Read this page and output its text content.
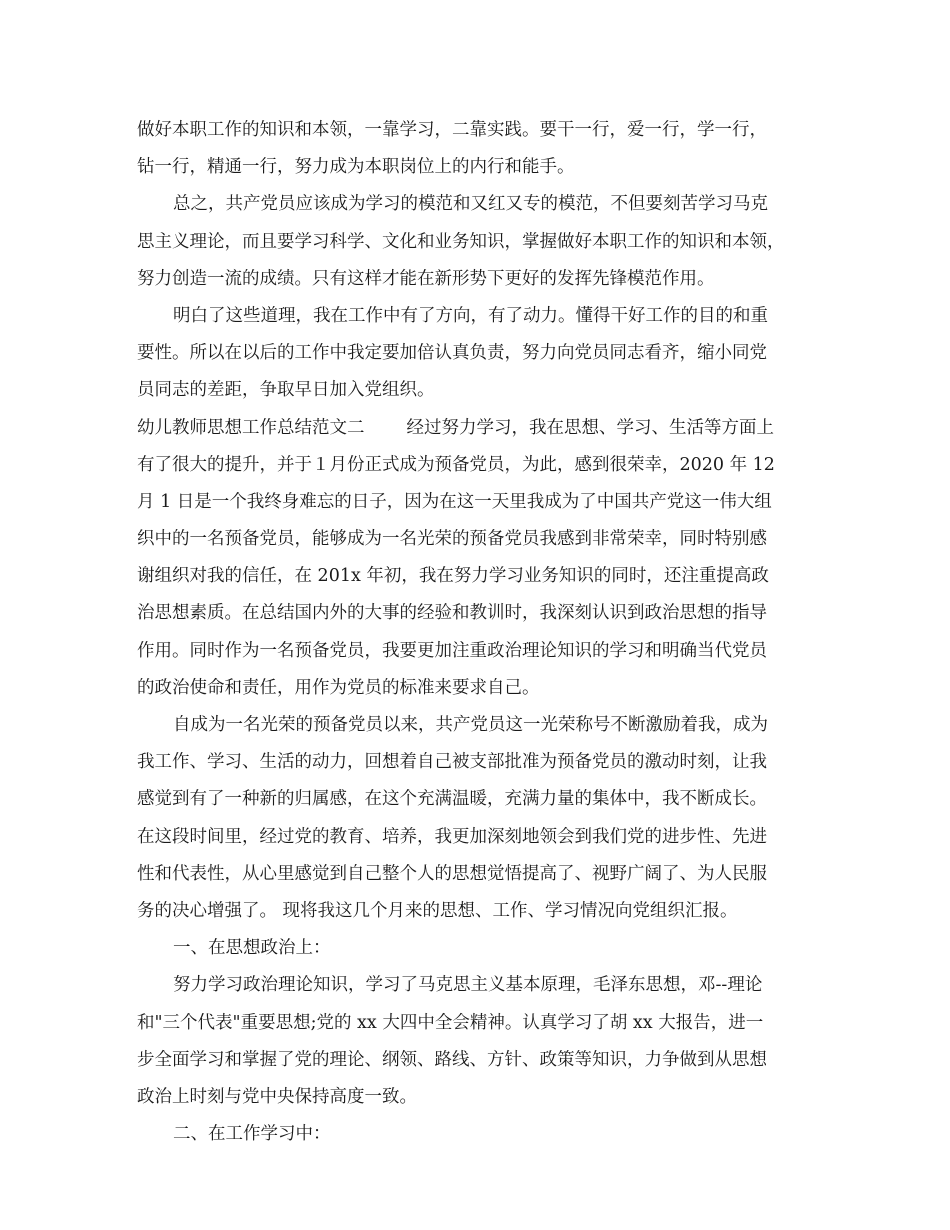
做好本职工作的知识和本领，一靠学习，二靠实践。要干一行，爱一行，学一行，
钻一行，精通一行，努力成为本职岗位上的内行和能手。
总之，共产党员应该成为学习的模范和又红又专的模范，不但要刻苦学习马克
思主义理论，而且要学习科学、文化和业务知识，掌握做好本职工作的知识和本领，
努力创造一流的成绩。只有这样才能在新形势下更好的发挥先锋模范作用。
明白了这些道理，我在工作中有了方向，有了动力。懂得干好工作的目的和重
要性。所以在以后的工作中我定要加倍认真负责，努力向党员同志看齐，缩小同党
员同志的差距，争取早日加入党组织。
幼儿教师思想工作总结范文二 经过努力学习，我在思想、学习、生活等方面上
有了很大的提升，并于１月份正式成为预备党员，为此，感到很荣幸，2020 年 12
月 1 日是一个我终身难忘的日子，因为在这一天里我成为了中国共产党这一伟大组
织中的一名预备党员，能够成为一名光荣的预备党员我感到非常荣幸，同时特别感
谢组织对我的信任，在 201x 年初，我在努力学习业务知识的同时，还注重提高政
治思想素质。在总结国内外的大事的经验和教训时，我深刻认识到政治思想的指导
作用。同时作为一名预备党员，我要更加注重政治理论知识的学习和明确当代党员
的政治使命和责任，用作为党员的标准来要求自己。
自成为一名光荣的预备党员以来，共产党员这一光荣称号不断激励着我，成为
我工作、学习、生活的动力，回想着自己被支部批准为预备党员的激动时刻，让我
感觉到有了一种新的归属感，在这个充满温暖，充满力量的集体中，我不断成长。
在这段时间里，经过党的教育、培养，我更加深刻地领会到我们党的进步性、先进
性和代表性，从心里感觉到自己整个人的思想觉悟提高了、视野广阔了、为人民服
务的决心增强了。 现将我这几个月来的思想、工作、学习情况向党组织汇报。
一、在思想政治上：
努力学习政治理论知识，学习了马克思主义基本原理，毛泽东思想，邓--理论
和"三个代表"重要思想;党的 xx 大四中全会精神。认真学习了胡 xx 大报告，进一
步全面学习和掌握了党的理论、纲领、路线、方针、政策等知识，力争做到从思想
政治上时刻与党中央保持高度一致。
二、在工作学习中：
